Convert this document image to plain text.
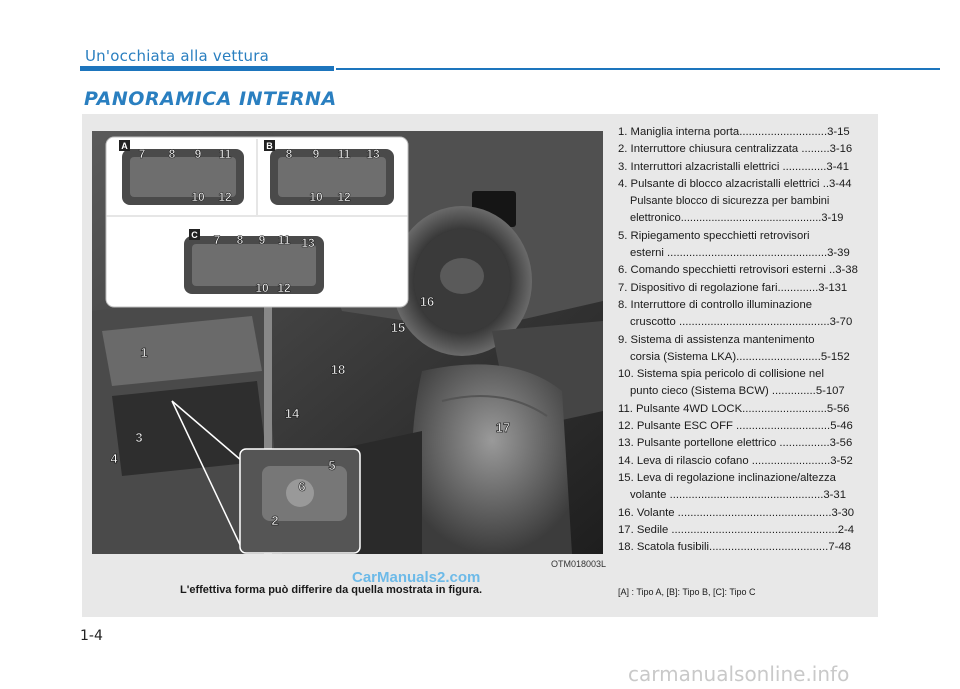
Un'occhiata alla vettura
PANORAMICA INTERNA
A	B
C
7 8 9 11
10 12
8 9 11 13
10 12
7 8 9 11 13
10 12
1
2
3
4	5
6
14
15
16
17
18
OTM018003L
L'effettiva forma può differire da quella mostrata in figura.
1. Maniglia interna porta............................3-15
2. Interruttore chiusura centralizzata .........3-16
3. Interruttori alzacristalli elettrici ..............3-41
4. Pulsante di blocco alzacristalli elettrici ..3-44
Pulsante blocco di sicurezza per bambini
elettronico..............................................3-19
5. Ripiegamento specchietti retrovisori
esterni ...................................................3-39
6. Comando specchietti retrovisori esterni ..3-38
7. Dispositivo di regolazione fari.............3-131
8. Interruttore di controllo illuminazione
cruscotto ................................................3-70
9. Sistema di assistenza mantenimento
corsia (Sistema LKA)...........................5-152
10. Sistema spia pericolo di collisione nel
punto cieco (Sistema BCW) ..............5-107
11. Pulsante 4WD LOCK...........................5-56
12. Pulsante ESC OFF ..............................5-46
13. Pulsante portellone elettrico ................3-56
14. Leva di rilascio cofano .........................3-52
15. Leva di regolazione inclinazione/altezza
volante .................................................3-31
16. Volante .................................................3-30
17. Sedile .....................................................2-4
18. Scatola fusibili......................................7-48
[A] : Tipo A, [B]: Tipo B, [C]: Tipo C
1-4
CarManuals2.com
carmanualsonline.info
